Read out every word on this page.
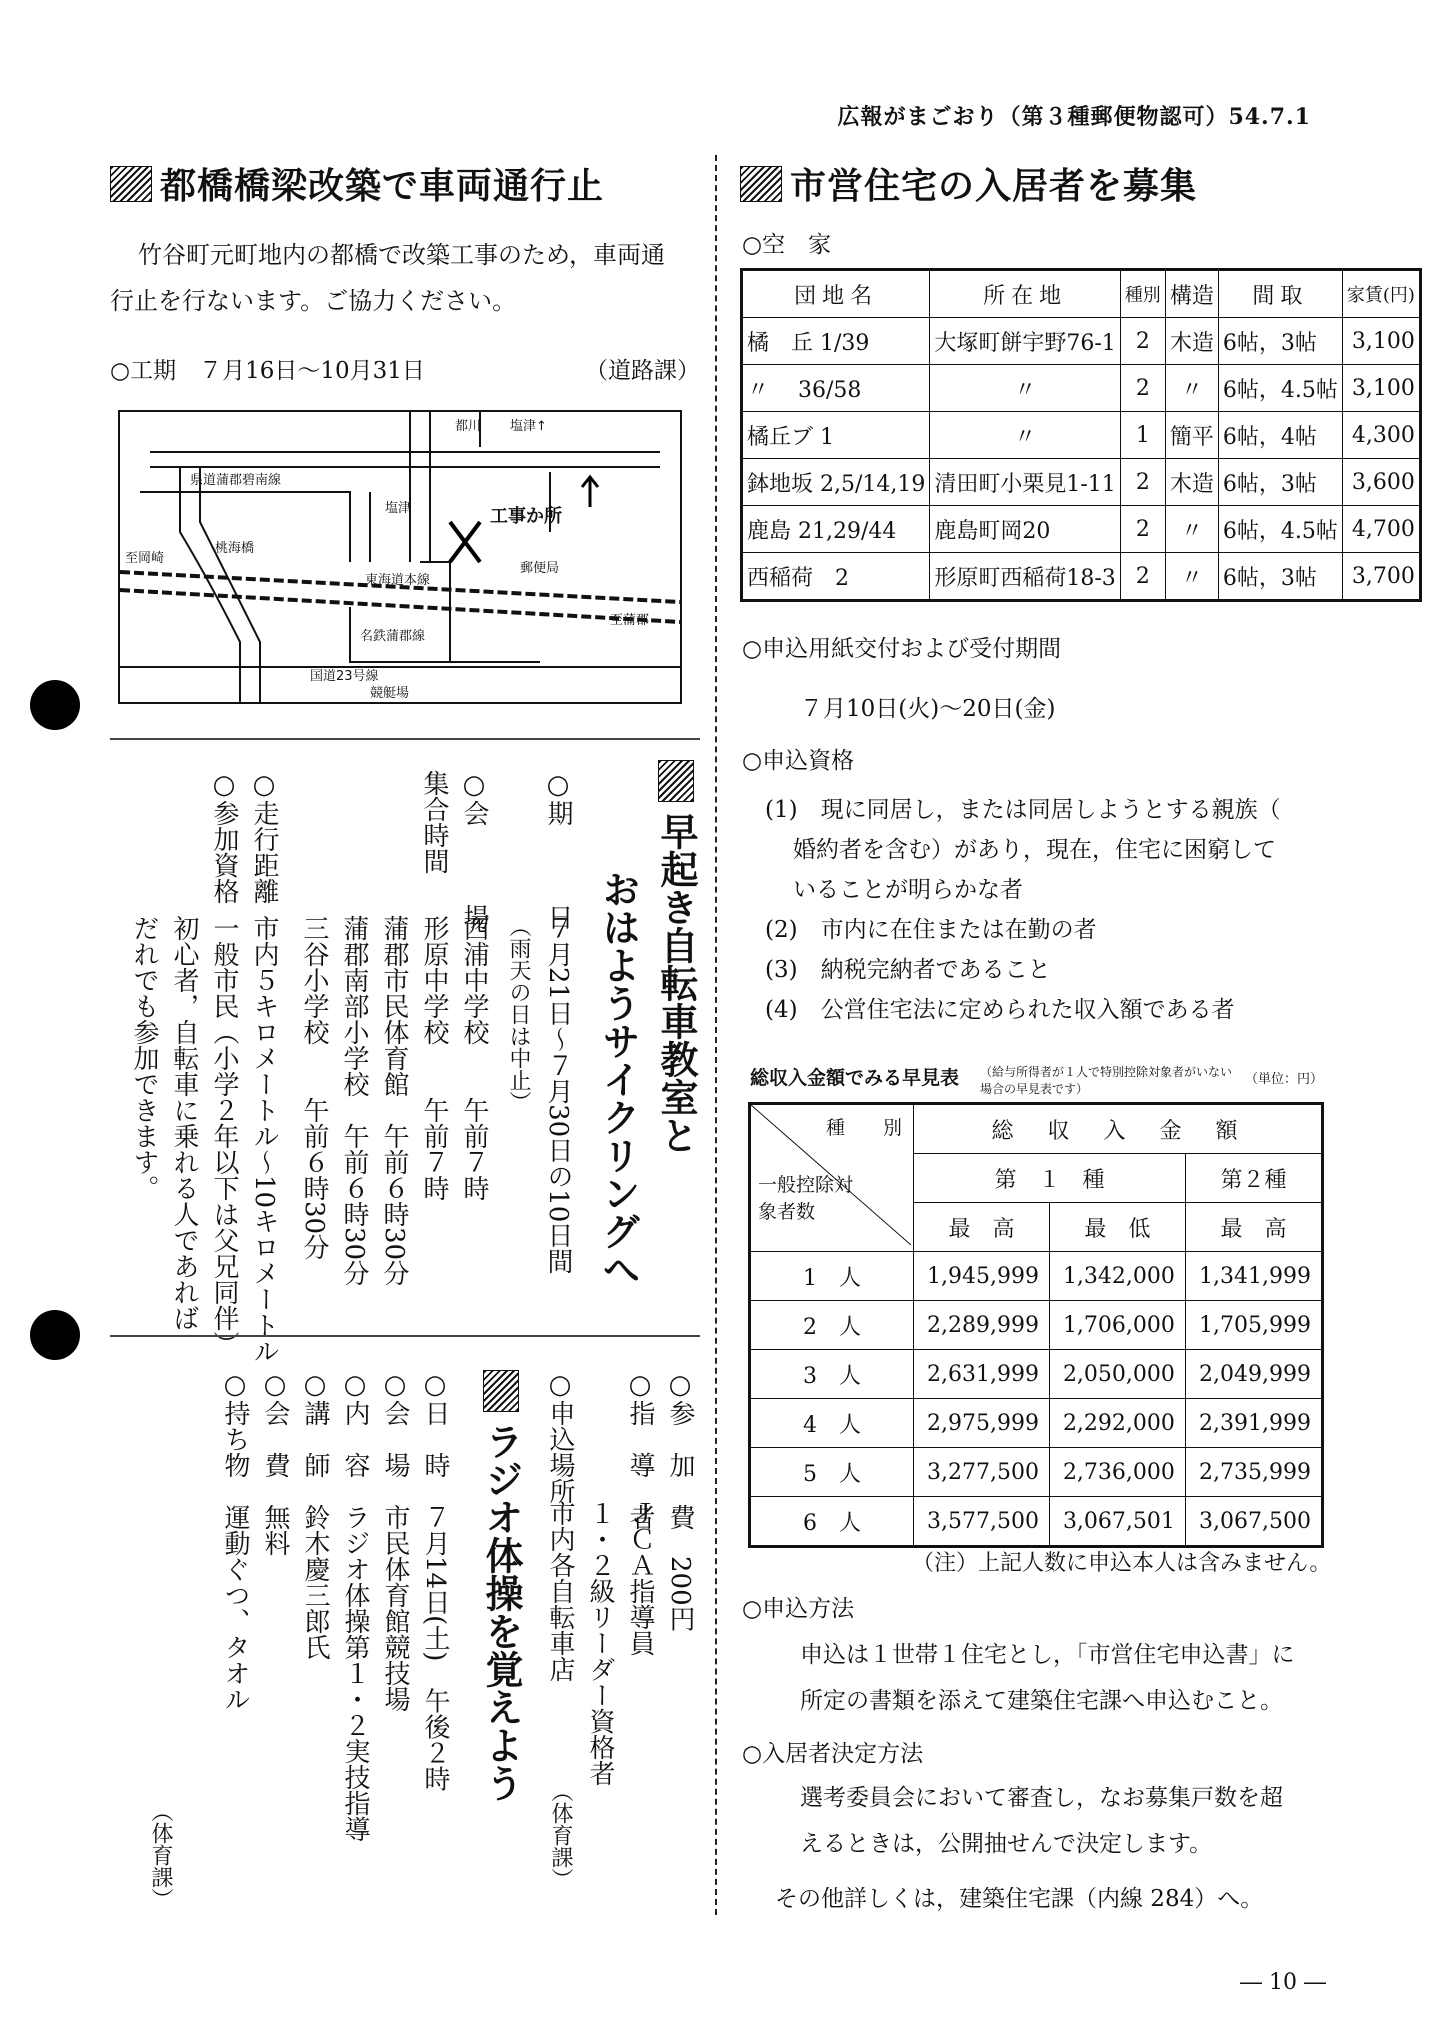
広報がまごおり（第３種郵便物認可）54.7.1
都橋橋梁改築で車両通行止
竹谷町元町地内の都橋で改築工事のため，車両通
行止を行ないます。ご協力ください。
○工期　７月16日〜10月31日	（道路課）
県道蒲郡碧南線
都川 塩津↑
塩津	工事か所
桃海橋
東海道本線
郵便局
名鉄蒲郡線
国道23号線
競艇場
至岡崎
至蒲郡
早起き自転車教室と
おはようサイクリングへ
○期　　　日
７月21日〜７月30日の10日間
（雨天の日は中止）
○会　　　場
西浦中学校　　午前７時
形原中学校　　午前７時
集合時間
蒲郡市民体育館　午前６時30分
蒲郡南部小学校　午前６時30分
三谷小学校　　午前６時30分
○走行距離
市内５キロメートル〜10キロメートル
○参加資格
一般市民（小学２年以下は父兄同伴）
初心者，自転車に乗れる人であれば
だれでも参加できます。
○参　加　費　200円
○指　導　者
ＪＣＡ指導員
１・２級リーダー資格者
○申込場所
市内各自転車店
（体育課）
ラジオ体操を覚えよう
○日　時　７月14日(土)　午後２時
○会　場　市民体育館競技場
○内　容　ラジオ体操第１・２実技指導
○講　師　鈴木慶三郎氏
○会　費　無料
○持ち物　運動ぐつ、タオル
（体育課）
市営住宅の入居者を募集
○空　家
団地名	所在地	種別	構造	間取	家賃(円)
橘　丘 1/39	大塚町餅宇野76-1	2	木造	6帖，3帖	3,100
〃　 36/58	〃	2	〃	6帖，4.5帖	3,100
橘丘ブ 1	〃	1	簡平	6帖，4帖	4,300
鉢地坂 2,5/14,19	清田町小栗見1-11	2	木造	6帖，3帖	3,600
鹿島 21,29/44	鹿島町岡20	2	〃	6帖，4.5帖	4,700
西稲荷　2	形原町西稲荷18-3	2	〃	6帖，3帖	3,700
○申込用紙交付および受付期間
７月10日(火)〜20日(金)
○申込資格
(1)　現に同居し，または同居しようとする親族（
婚約者を含む）があり，現在，住宅に困窮して
いることが明らかな者
(2)　市内に在住または在勤の者
(3)　納税完納者であること
(4)　公営住宅法に定められた収入額である者
総収入金額でみる早見表 （給与所得者が１人で特別控除対象者がいない場合の早見表です）
（単位：円）
種　　別
一般控除対象者数	総　収　入　金　額		
	第　１　種		第２種
	最　高	最　低	最　高
1　人	1,945,999	1,342,000	1,341,999
2　人	2,289,999	1,706,000	1,705,999
3　人	2,631,999	2,050,000	2,049,999
4　人	2,975,999	2,292,000	2,391,999
5　人	3,277,500	2,736,000	2,735,999
6　人	3,577,500	3,067,501	3,067,500
（注）上記人数に申込本人は含みません。
○申込方法
申込は１世帯１住宅とし，「市営住宅申込書」に
所定の書類を添えて建築住宅課へ申込むこと。
○入居者決定方法
選考委員会において審査し，なお募集戸数を超
えるときは，公開抽せんで決定します。
その他詳しくは，建築住宅課（内線 284）へ。
― 10 ―
